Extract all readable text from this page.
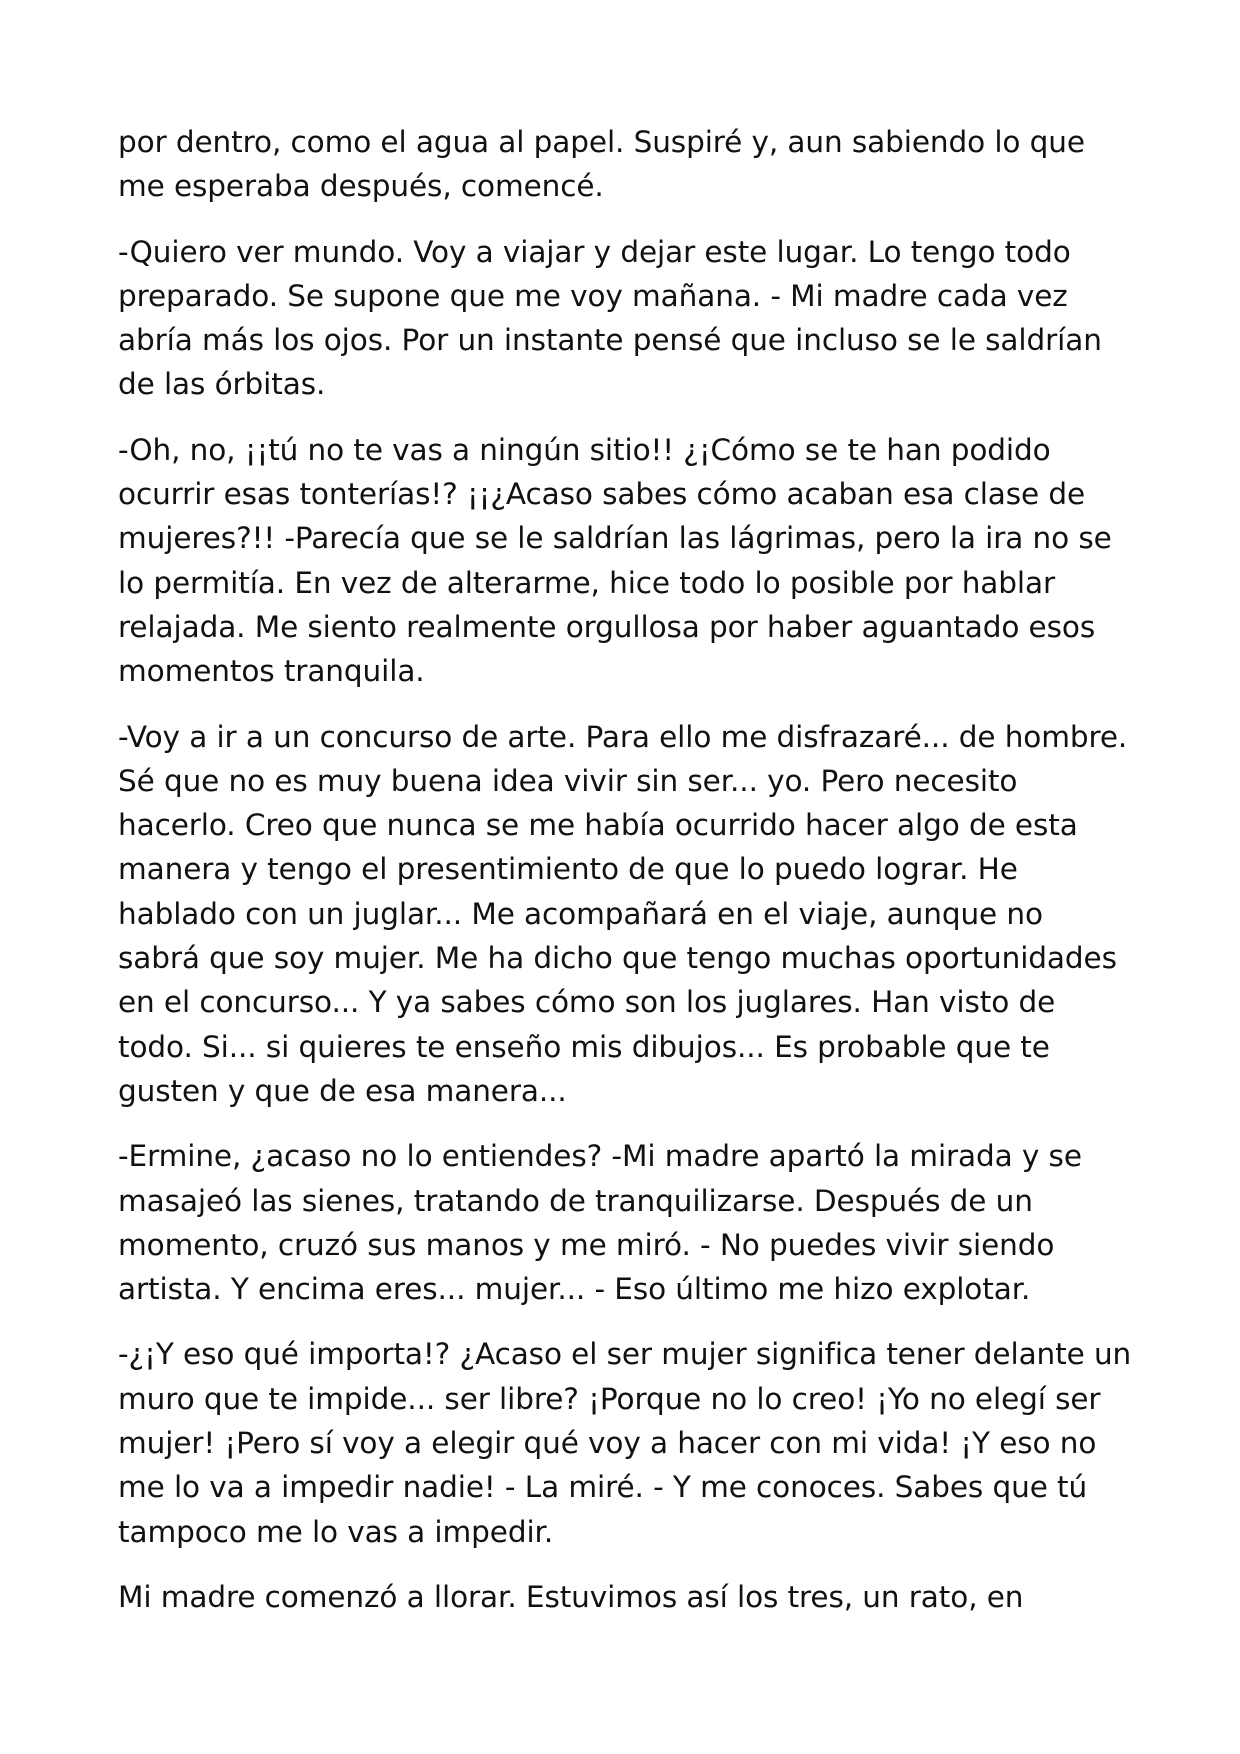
por dentro, como el agua al papel. Suspiré y, aun sabiendo lo que
me esperaba después, comencé.

-Quiero ver mundo. Voy a viajar y dejar este lugar. Lo tengo todo
preparado. Se supone que me voy mañana. - Mi madre cada vez
abría más los ojos. Por un instante pensé que incluso se le saldrían
de las órbitas.

-Oh, no, ¡¡tú no te vas a ningún sitio!! ¿¡Cómo se te han podido
ocurrir esas tonterías!? ¡¡¿Acaso sabes cómo acaban esa clase de
mujeres?!! -Parecía que se le saldrían las lágrimas, pero la ira no se
lo permitía. En vez de alterarme, hice todo lo posible por hablar
relajada. Me siento realmente orgullosa por haber aguantado esos
momentos tranquila.

-Voy a ir a un concurso de arte. Para ello me disfrazaré... de hombre.
Sé que no es muy buena idea vivir sin ser... yo. Pero necesito
hacerlo. Creo que nunca se me había ocurrido hacer algo de esta
manera y tengo el presentimiento de que lo puedo lograr. He
hablado con un juglar... Me acompañará en el viaje, aunque no
sabrá que soy mujer. Me ha dicho que tengo muchas oportunidades
en el concurso... Y ya sabes cómo son los juglares. Han visto de
todo. Si... si quieres te enseño mis dibujos... Es probable que te
gusten y que de esa manera...

-Ermine, ¿acaso no lo entiendes? -Mi madre apartó la mirada y se
masajeó las sienes, tratando de tranquilizarse. Después de un
momento, cruzó sus manos y me miró. - No puedes vivir siendo
artista. Y encima eres... mujer... - Eso último me hizo explotar.

-¿¡Y eso qué importa!? ¿Acaso el ser mujer significa tener delante un
muro que te impide... ser libre? ¡Porque no lo creo! ¡Yo no elegí ser
mujer! ¡Pero sí voy a elegir qué voy a hacer con mi vida! ¡Y eso no
me lo va a impedir nadie! - La miré. - Y me conoces. Sabes que tú
tampoco me lo vas a impedir.

Mi madre comenzó a llorar. Estuvimos así los tres, un rato, en
